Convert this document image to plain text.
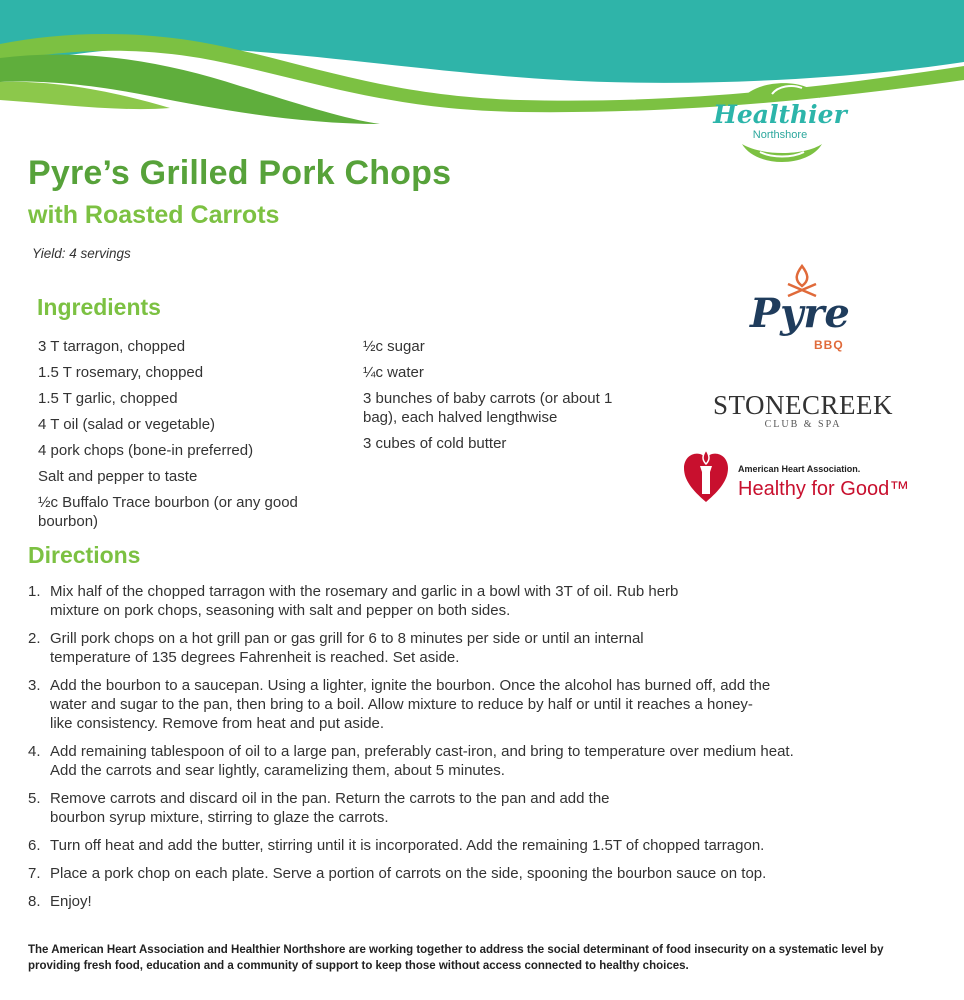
Healthier
Northshore
Pyre’s Grilled Pork Chops
with Roasted Carrots
Yield: 4 servings
Ingredients
3 T tarragon, chopped
1.5 T rosemary, chopped
1.5 T garlic, chopped
4 T oil (salad or vegetable)
4 pork chops (bone-in preferred)
Salt and pepper to taste
½c Buffalo Trace bourbon (or any good bourbon)
½c sugar
¼c water
3 bunches of baby carrots (or about 1 bag), each halved lengthwise
3 cubes of cold butter
Pyre
BBQ
STONECREEK
CLUB & SPA
American Heart Association.
Healthy for Good™
Directions
1. Mix half of the chopped tarragon with the rosemary and garlic in a bowl with 3T of oil. Rub herb mixture on pork chops, seasoning with salt and pepper on both sides.
2. Grill pork chops on a hot grill pan or gas grill for 6 to 8 minutes per side or until an internal temperature of 135 degrees Fahrenheit is reached. Set aside.
3. Add the bourbon to a saucepan. Using a lighter, ignite the bourbon. Once the alcohol has burned off, add the water and sugar to the pan, then bring to a boil. Allow mixture to reduce by half or until it reaches a honey-like consistency. Remove from heat and put aside.
4. Add remaining tablespoon of oil to a large pan, preferably cast-iron, and bring to temperature over medium heat. Add the carrots and sear lightly, caramelizing them, about 5 minutes.
5. Remove carrots and discard oil in the pan. Return the carrots to the pan and add the bourbon syrup mixture, stirring to glaze the carrots.
6. Turn off heat and add the butter, stirring until it is incorporated. Add the remaining 1.5T of chopped tarragon.
7. Place a pork chop on each plate. Serve a portion of carrots on the side, spooning the bourbon sauce on top.
8. Enjoy!

The American Heart Association and Healthier Northshore are working together to address the social determinant of food insecurity on a systematic level by providing fresh food, education and a community of support to keep those without access connected to healthy choices.
